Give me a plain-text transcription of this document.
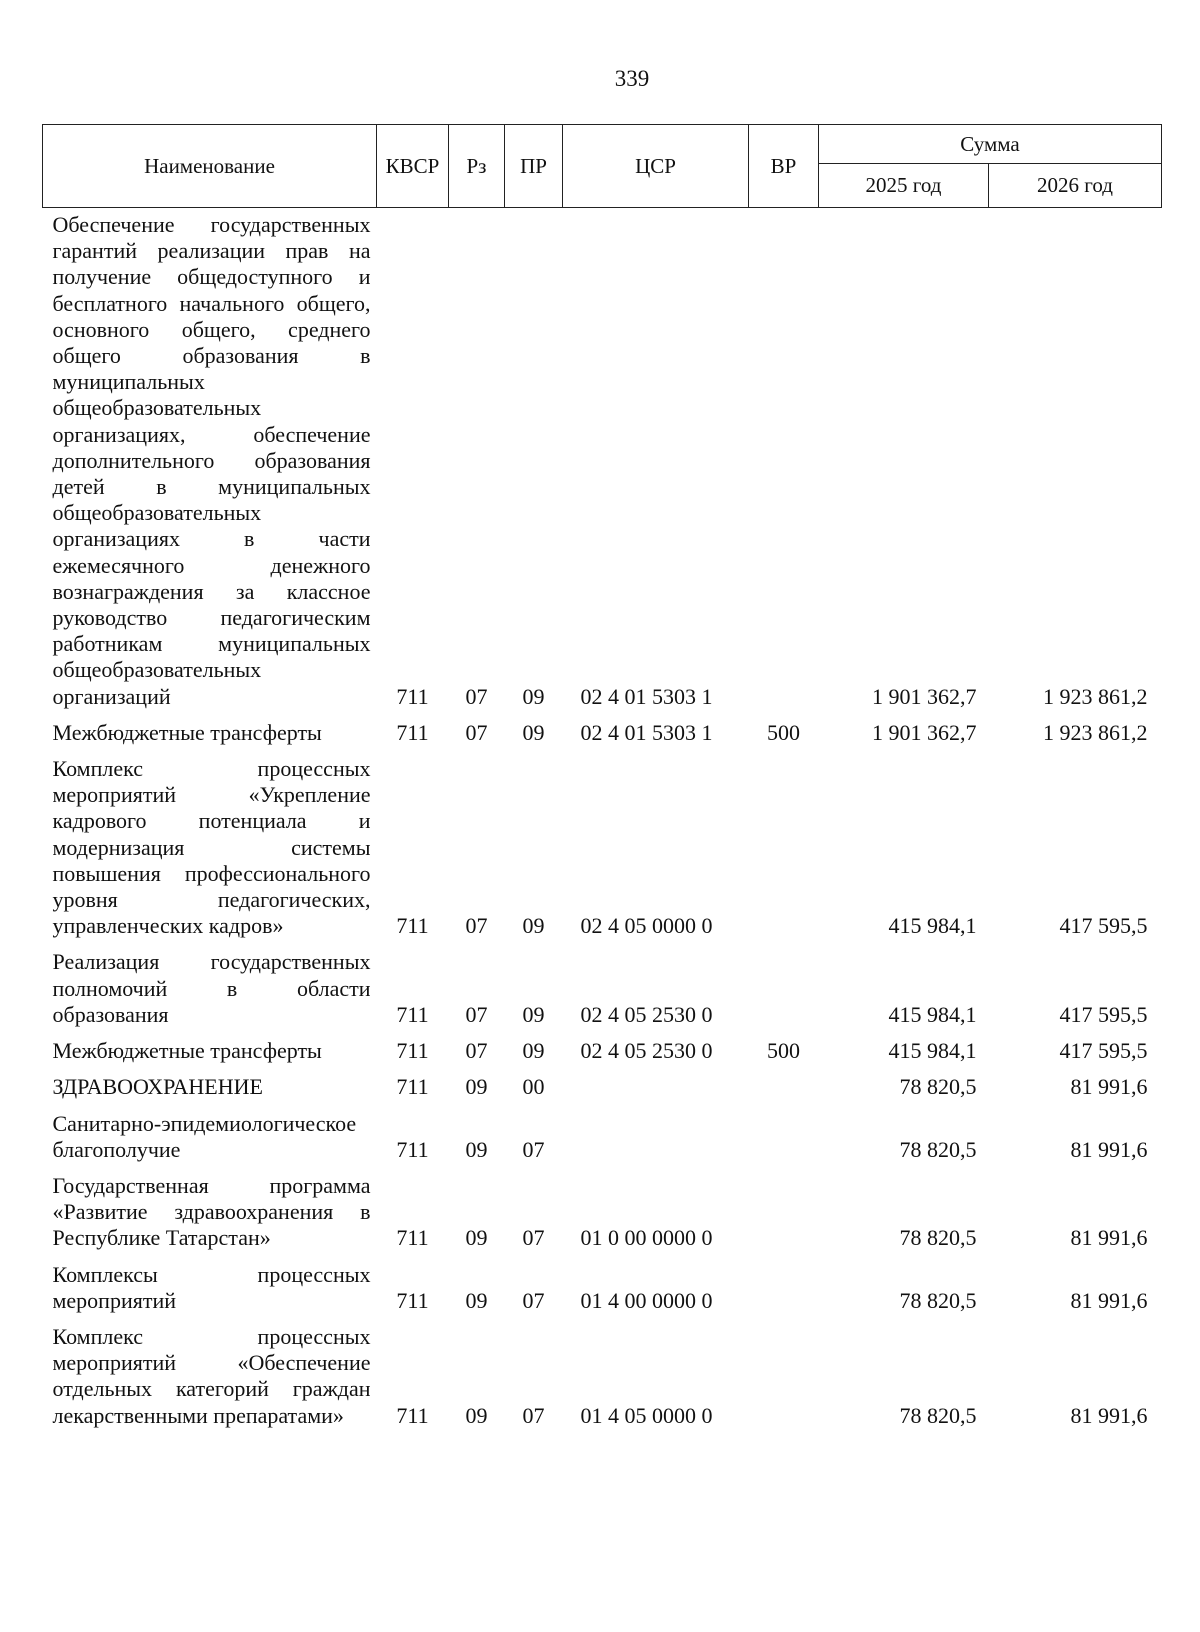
339
Наименование	КВСР	Рз	ПР	ЦСР	ВР	Сумма	
						2025 год	2026 год
Обеспечение государственных гарантий реализации прав на получение общедоступного и бесплатного начального общего, основного общего, среднего общего образования в муниципальных общеобразовательных организациях, обеспечение дополнительного образования детей в муниципальных общеобразовательных организациях в части ежемесячного денежного вознаграждения за классное руководство педагогическим работникам муниципальных общеобразовательных организаций	711	07	09	02 4 01 5303 1		1 901 362,7	1 923 861,2
Межбюджетные трансферты	711	07	09	02 4 01 5303 1	500	1 901 362,7	1 923 861,2
Комплекс процессных мероприятий «Укрепление кадрового потенциала и модернизация системы повышения профессионального уровня педагогических, управленческих кадров»	711	07	09	02 4 05 0000 0		415 984,1	417 595,5
Реализация государственных полномочий в области образования	711	07	09	02 4 05 2530 0		415 984,1	417 595,5
Межбюджетные трансферты	711	07	09	02 4 05 2530 0	500	415 984,1	417 595,5
ЗДРАВООХРАНЕНИЕ	711	09	00			78 820,5	81 991,6
Санитарно-эпидемиологическое благополучие	711	09	07			78 820,5	81 991,6
Государственная программа «Развитие здравоохранения в Республике Татарстан»	711	09	07	01 0 00 0000 0		78 820,5	81 991,6
Комплексы процессных мероприятий	711	09	07	01 4 00 0000 0		78 820,5	81 991,6
Комплекс процессных мероприятий «Обеспечение отдельных категорий граждан лекарственными препаратами»	711	09	07	01 4 05 0000 0		78 820,5	81 991,6
